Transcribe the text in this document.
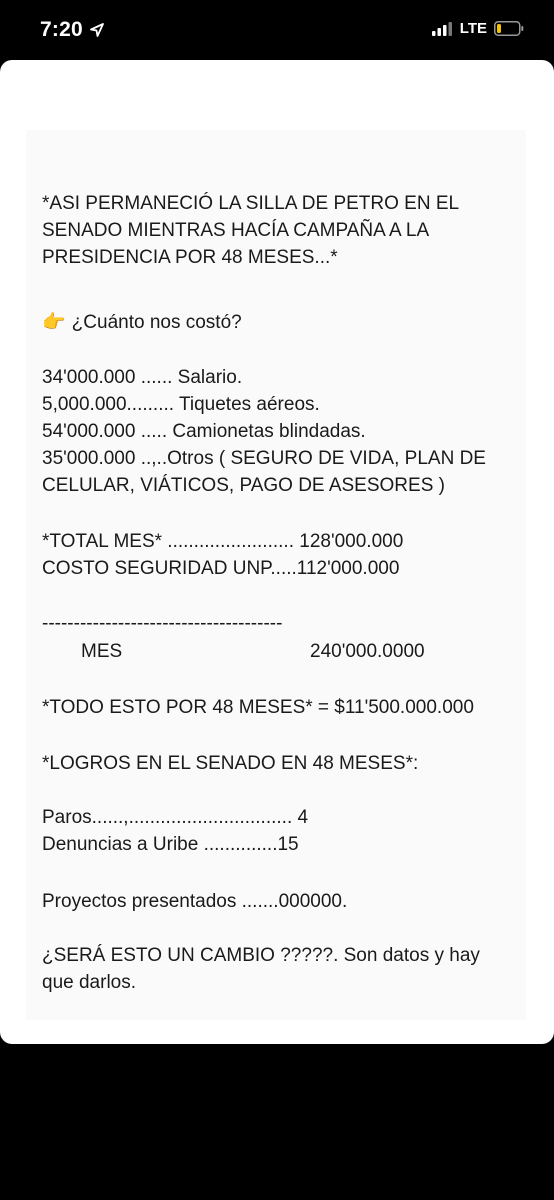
7:20	LTE
*ASI PERMANECIÓ LA SILLA DE PETRO EN EL
SENADO MIENTRAS HACÍA CAMPAÑA A LA
PRESIDENCIA POR 48 MESES...*
👉 ¿Cuánto nos costó?
34'000.000 ...... Salario.
5,000.000......... Tiquetes aéreos.
54'000.000 ..... Camionetas blindadas.
35'000.000 ..,..Otros ( SEGURO DE VIDA, PLAN DE
CELULAR, VIÁTICOS, PAGO DE ASESORES )
*TOTAL MES* ........................ 128'000.000
COSTO SEGURIDAD UNP.....112'000.000
--------------------------------------
MES	240'000.0000
*TODO ESTO POR 48 MESES* = $11'500.000.000
*LOGROS EN EL SENADO EN 48 MESES*:
Paros......,............................... 4
Denuncias a Uribe ..............15
Proyectos presentados .......000000.
¿SERÁ ESTO UN CAMBIO ?????. Son datos y hay
que darlos.
